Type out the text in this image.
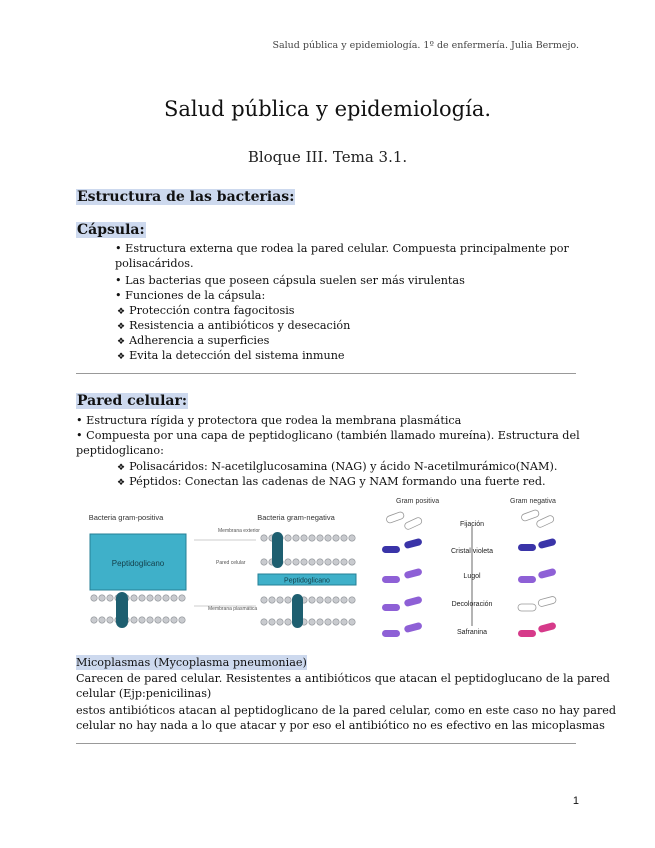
Salud pública y epidemiología. 1º de enfermería. Julia Bermejo.
Salud pública y epidemiología.
Bloque III. Tema 3.1.
Estructura de las bacterias:
Cápsula:
• Estructura externa que rodea la pared celular. Compuesta principalmente por
polisacáridos.
• Las bacterias que poseen cápsula suelen ser más virulentas
• Funciones de la cápsula:
❖ Protección contra fagocitosis
❖ Resistencia a antibióticos y desecación
❖ Adherencia a superficies
❖ Evita la detección del sistema inmune
Pared celular:
• Estructura rígida y protectora que rodea la membrana plasmática
• Compuesta por una capa de peptidoglicano (también llamado mureína). Estructura del
peptidoglicano:
❖ Polisacáridos: N-acetilglucosamina (NAG) y ácido N-acetilmurámico(NAM).
❖ Péptidos: Conectan las cadenas de NAG y NAM formando una fuerte red.
Bacteria gram-positiva	Bacteria gram-negativa
Peptidoglicano
Membrana exterior
Pared celular
Membrana plasmática
Peptidoglicano
Gram positiva	Gram negativa
Fijación
Cristal violeta
Lugol
Decoloración
Safranina
Micoplasmas (Mycoplasma pneumoniae)
Carecen de pared celular. Resistentes a antibióticos que atacan el peptidoglucano de la pared
celular (Ejp:penicilinas)
estos antibióticos atacan al peptidoglicano de la pared celular, como en este caso no hay pared
celular no hay nada a lo que atacar y por eso el antibiótico no es efectivo en las micoplasmas
1
